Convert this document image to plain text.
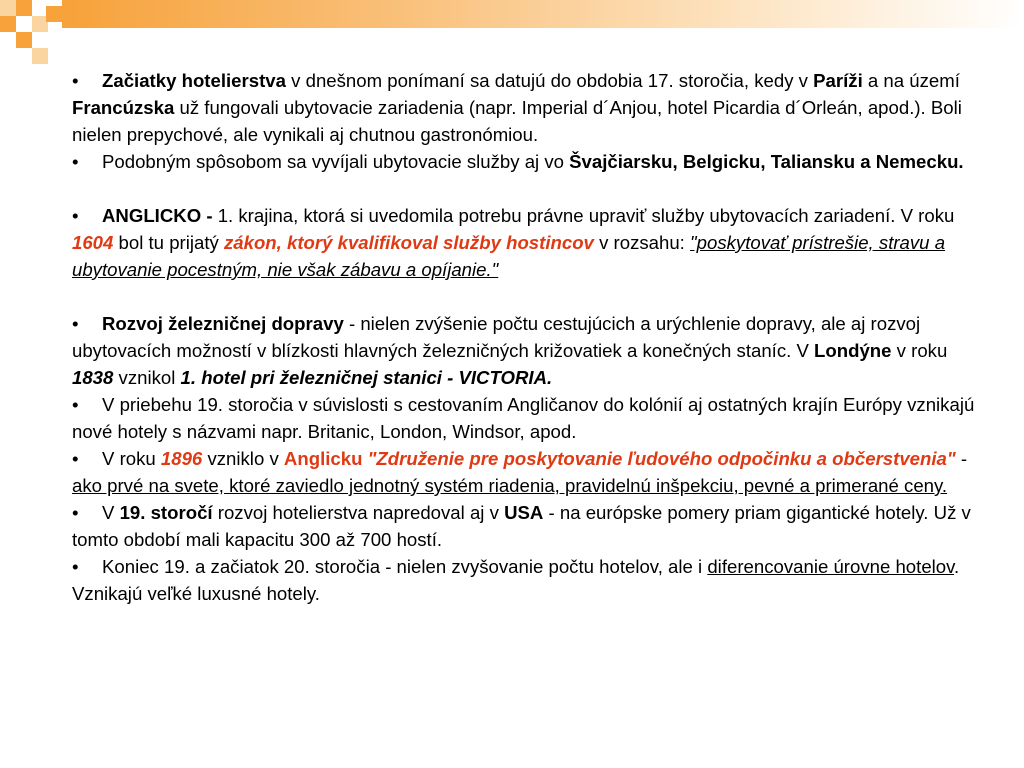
• Začiatky hotelierstva v dnešnom ponímaní sa datujú do obdobia 17. storočia, kedy v Paríži a na území Francúzska už fungovali ubytovacie zariadenia (napr. Imperial d´Anjou, hotel Picardia d´Orleán, apod.). Boli nielen prepychové, ale vynikali aj chutnou gastronómiou.

• Podobným spôsobom sa vyvíjali ubytovacie služby aj vo Švajčiarsku, Belgicku, Taliansku a Nemecku.

• ANGLICKO - 1. krajina, ktorá si uvedomila potrebu právne upraviť služby ubytovacích zariadení. V roku 1604 bol tu prijatý zákon, ktorý kvalifikoval služby hostincov v rozsahu: "poskytovať prístrešie, stravu a ubytovanie pocestným, nie však zábavu a opíjanie."

• Rozvoj železničnej dopravy - nielen zvýšenie počtu cestujúcich a urýchlenie dopravy, ale aj rozvoj ubytovacích možností v blízkosti hlavných železničných križovatiek a konečných staníc. V Londýne v roku 1838 vznikol 1. hotel pri železničnej stanici - VICTORIA.

• V priebehu 19. storočia v súvislosti s cestovaním Angličanov do kolónií aj ostatných krajín Európy vznikajú nové hotely s názvami napr. Britanic, London, Windsor, apod.

• V roku 1896 vzniklo v Anglicku "Združenie pre poskytovanie ľudového odpočinku a občerstvenia" - ako prvé na svete, ktoré zaviedlo jednotný systém riadenia, pravidelnú inšpekciu, pevné a primerané ceny.

• V 19. storočí rozvoj hotelierstva napredoval aj v USA - na európske pomery priam gigantické hotely. Už v tomto období mali kapacitu 300 až 700 hostí.

• Koniec 19. a začiatok 20. storočia - nielen zvyšovanie počtu hotelov, ale i diferencovanie úrovne hotelov. Vznikajú veľké luxusné hotely.
